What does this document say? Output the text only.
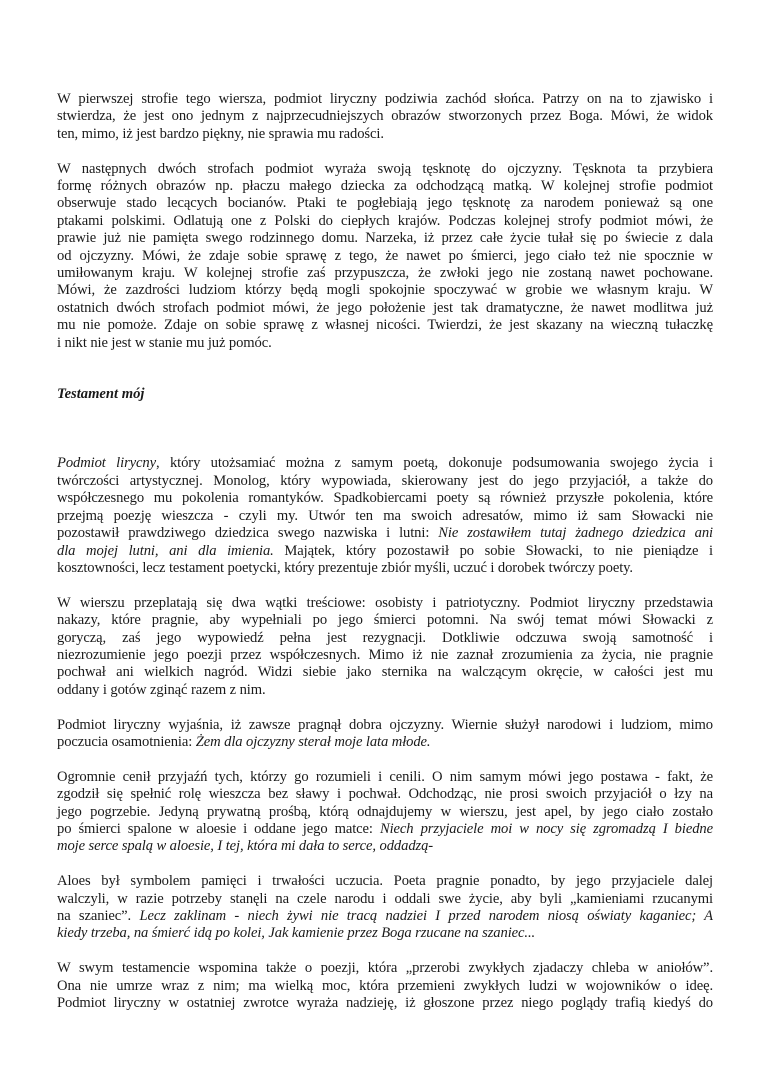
W pierwszej strofie tego wiersza, podmiot liryczny podziwia zachód słońca. Patrzy on na to zjawisko i
stwierdza, że jest ono jednym z najprzecudniejszych obrazów stworzonych przez Boga. Mówi, że widok
ten, mimo, iż jest bardzo piękny, nie sprawia mu radości.
W następnych dwóch strofach podmiot wyraża swoją tęsknotę do ojczyzny. Tęsknota ta przybiera
formę różnych obrazów np. płaczu małego dziecka za odchodzącą matką. W kolejnej strofie podmiot
obserwuje stado lecących bocianów. Ptaki te pogłebiają jego tęsknotę za narodem ponieważ są one
ptakami polskimi. Odlatują one z Polski do ciepłych krajów. Podczas kolejnej strofy podmiot mówi, że
prawie już nie pamięta swego rodzinnego domu. Narzeka, iż przez całe życie tułał się po świecie z dala
od ojczyzny. Mówi, że zdaje sobie sprawę z tego, że nawet po śmierci, jego ciało też nie spocznie w
umiłowanym kraju. W kolejnej strofie zaś przypuszcza, że zwłoki jego nie zostaną nawet pochowane.
Mówi, że zazdrości ludziom którzy będą mogli spokojnie spoczywać w grobie we własnym kraju. W
ostatnich dwóch strofach podmiot mówi, że jego położenie jest tak dramatyczne, że nawet modlitwa już
mu nie pomoże. Zdaje on sobie sprawę z własnej nicości. Twierdzi, że jest skazany na wieczną tułaczkę
i nikt nie jest w stanie mu już pomóc.
Testament mój
Podmiot lirycny, który utożsamiać można z samym poetą, dokonuje podsumowania swojego życia i
twórczości artystycznej. Monolog, który wypowiada, skierowany jest do jego przyjaciół, a także do
współczesnego mu pokolenia romantyków. Spadkobiercami poety są również przyszłe pokolenia, które
przejmą poezję wieszcza - czyli my. Utwór ten ma swoich adresatów, mimo iż sam Słowacki nie
pozostawił prawdziwego dziedzica swego nazwiska i lutni: Nie zostawiłem tutaj żadnego dziedzica ani
dla mojej lutni, ani dla imienia. Majątek, który pozostawił po sobie Słowacki, to nie pieniądze i
kosztowności, lecz testament poetycki, który prezentuje zbiór myśli, uczuć i dorobek twórczy poety.
W wierszu przeplatają się dwa wątki treściowe: osobisty i patriotyczny. Podmiot liryczny przedstawia
nakazy, które pragnie, aby wypełniali po jego śmierci potomni. Na swój temat mówi Słowacki z
goryczą, zaś jego wypowiedź pełna jest rezygnacji. Dotkliwie odczuwa swoją samotność i
niezrozumienie jego poezji przez współczesnych. Mimo iż nie zaznał zrozumienia za życia, nie pragnie
pochwał ani wielkich nagród. Widzi siebie jako sternika na walczącym okręcie, w całości jest mu
oddany i gotów zginąć razem z nim.
Podmiot liryczny wyjaśnia, iż zawsze pragnął dobra ojczyzny. Wiernie służył narodowi i ludziom, mimo
poczucia osamotnienia: Żem dla ojczyzny sterał moje lata młode.
Ogromnie cenił przyjaźń tych, którzy go rozumieli i cenili. O nim samym mówi jego postawa - fakt, że
zgodził się spełnić rolę wieszcza bez sławy i pochwał. Odchodząc, nie prosi swoich przyjaciół o łzy na
jego pogrzebie. Jedyną prywatną prośbą, którą odnajdujemy w wierszu, jest apel, by jego ciało zostało
po śmierci spalone w aloesie i oddane jego matce: Niech przyjaciele moi w nocy się zgromadzą I biedne
moje serce spalą w aloesie, I tej, która mi dała to serce, oddadzą-
Aloes był symbolem pamięci i trwałości uczucia. Poeta pragnie ponadto, by jego przyjaciele dalej
walczyli, w razie potrzeby stanęli na czele narodu i oddali swe życie, aby byli „kamieniami rzucanymi
na szaniec”. Lecz zaklinam - niech żywi nie tracą nadziei I przed narodem niosą oświaty kaganiec; A
kiedy trzeba, na śmierć idą po kolei, Jak kamienie przez Boga rzucane na szaniec...
W swym testamencie wspomina także o poezji, która „przerobi zwykłych zjadaczy chleba w aniołów”.
Ona nie umrze wraz z nim; ma wielką moc, która przemieni zwykłych ludzi w wojowników o ideę.
Podmiot liryczny w ostatniej zwrotce wyraża nadzieję, iż głoszone przez niego poglądy trafią kiedyś do
